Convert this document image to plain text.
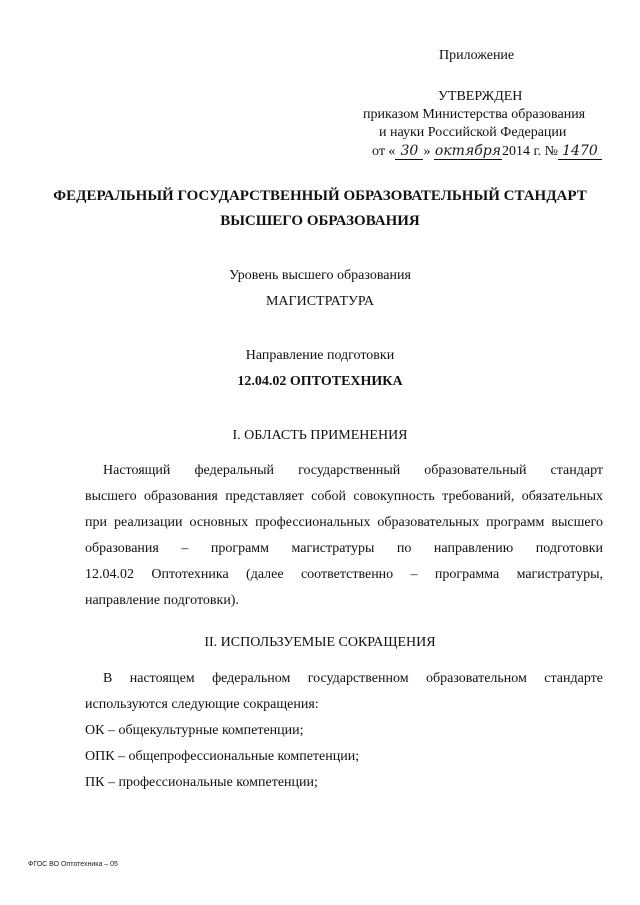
Приложение
УТВЕРЖДЕН
приказом Министерства образования
и науки Российской Федерации
от « 30 » октября2014 г. № 1470
ФЕДЕРАЛЬНЫЙ ГОСУДАРСТВЕННЫЙ ОБРАЗОВАТЕЛЬНЫЙ СТАНДАРТ
ВЫСШЕГО ОБРАЗОВАНИЯ
Уровень высшего образования
МАГИСТРАТУРА
Направление подготовки
12.04.02 ОПТОТЕХНИКА
I. ОБЛАСТЬ ПРИМЕНЕНИЯ
Настоящий федеральный государственный образовательный стандарт
высшего образования представляет собой совокупность требований, обязательных
при реализации основных профессиональных образовательных программ высшего
образования – программ магистратуры по направлению подготовки
12.04.02 Оптотехника (далее соответственно – программа магистратуры,
направление подготовки).
II. ИСПОЛЬЗУЕМЫЕ СОКРАЩЕНИЯ
В настоящем федеральном государственном образовательном стандарте
используются следующие сокращения:
ОК – общекультурные компетенции;
ОПК – общепрофессиональные компетенции;
ПК – профессиональные компетенции;
ФГОС ВО Оптотехника – 05
